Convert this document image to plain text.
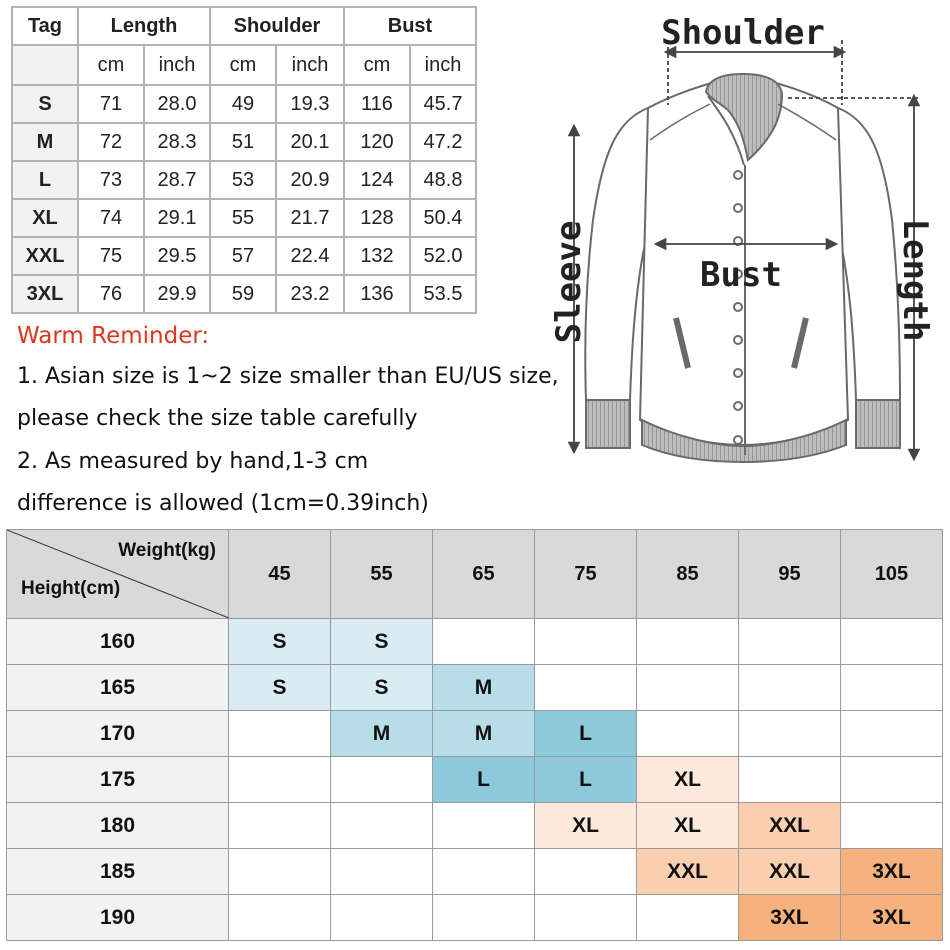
Tag	Length		Shoulder		Bust	
	cm	inch	cm	inch	cm	inch
S	71	28.0	49	19.3	116	45.7
M	72	28.3	51	20.1	120	47.2
L	73	28.7	53	20.9	124	48.8
XL	74	29.1	55	21.7	128	50.4
XXL	75	29.5	57	22.4	132	52.0
3XL	76	29.9	59	23.2	136	53.5
Warm Reminder:
1. Asian size is 1~2 size smaller than EU/US size,
please check the size table carefully
2. As measured by hand,1-3 cm
difference is allowed (1cm=0.39inch)
Shoulder
Bust
Sleeve	Length
Weight(kg)
Height(cm)	45	55	65	75	85	95	105
160	S	S					
165	S	S	M				
170		M	M	L			
175			L	L	XL		
180				XL	XL	XXL	
185					XXL	XXL	3XL
190						3XL	3XL
